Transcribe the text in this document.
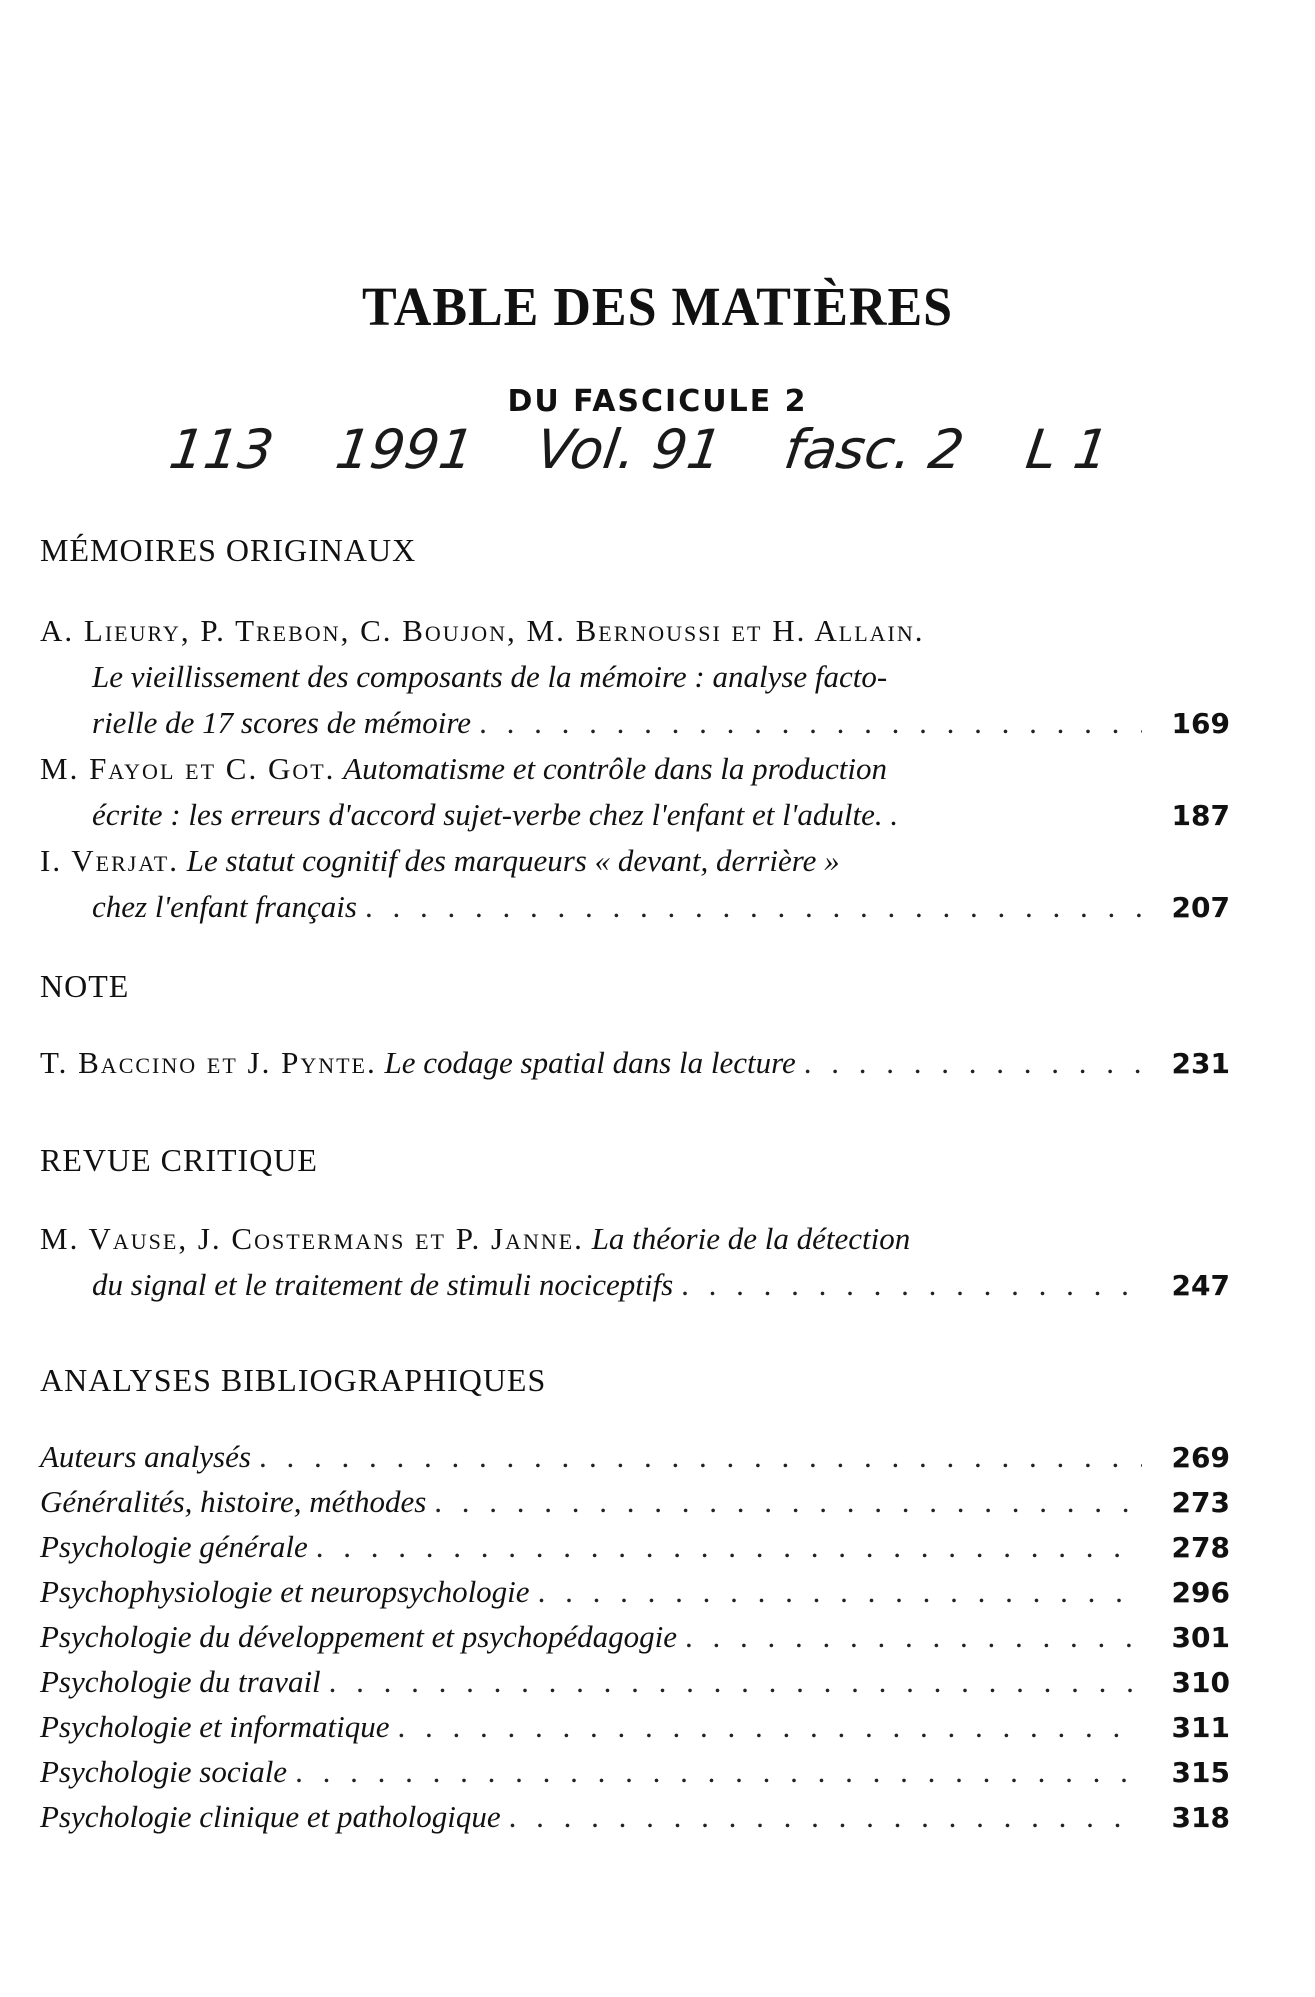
TABLE DES MATIÈRES
DU FASCICULE 2
113 1991 Vol. 91 fasc. 2 L 1
MÉMOIRES ORIGINAUX
A. Lieury, P. Trebon, C. Boujon, M. Bernoussi et H. Allain.
Le vieillissement des composants de la mémoire : analyse facto-
rielle de 17 scores de mémoire . . .	169
M. Fayol et C. Got. Automatisme et contrôle dans la production
écrite : les erreurs d'accord sujet-verbe chez l'enfant et l'adulte. .	187
I. Verjat. Le statut cognitif des marqueurs « devant, derrière »
chez l'enfant français . . .	207
NOTE
T. Baccino et J. Pynte. Le codage spatial dans la lecture . . .	231
REVUE CRITIQUE
M. Vause, J. Costermans et P. Janne. La théorie de la détection
du signal et le traitement de stimuli nociceptifs . . .	247
ANALYSES BIBLIOGRAPHIQUES
Auteurs analysés . . .	269
Généralités, histoire, méthodes . . .	273
Psychologie générale . . .	278
Psychophysiologie et neuropsychologie . . .	296
Psychologie du développement et psychopédagogie . . .	301
Psychologie du travail . . .	310
Psychologie et informatique . . .	311
Psychologie sociale . . .	315
Psychologie clinique et pathologique . . .	318
